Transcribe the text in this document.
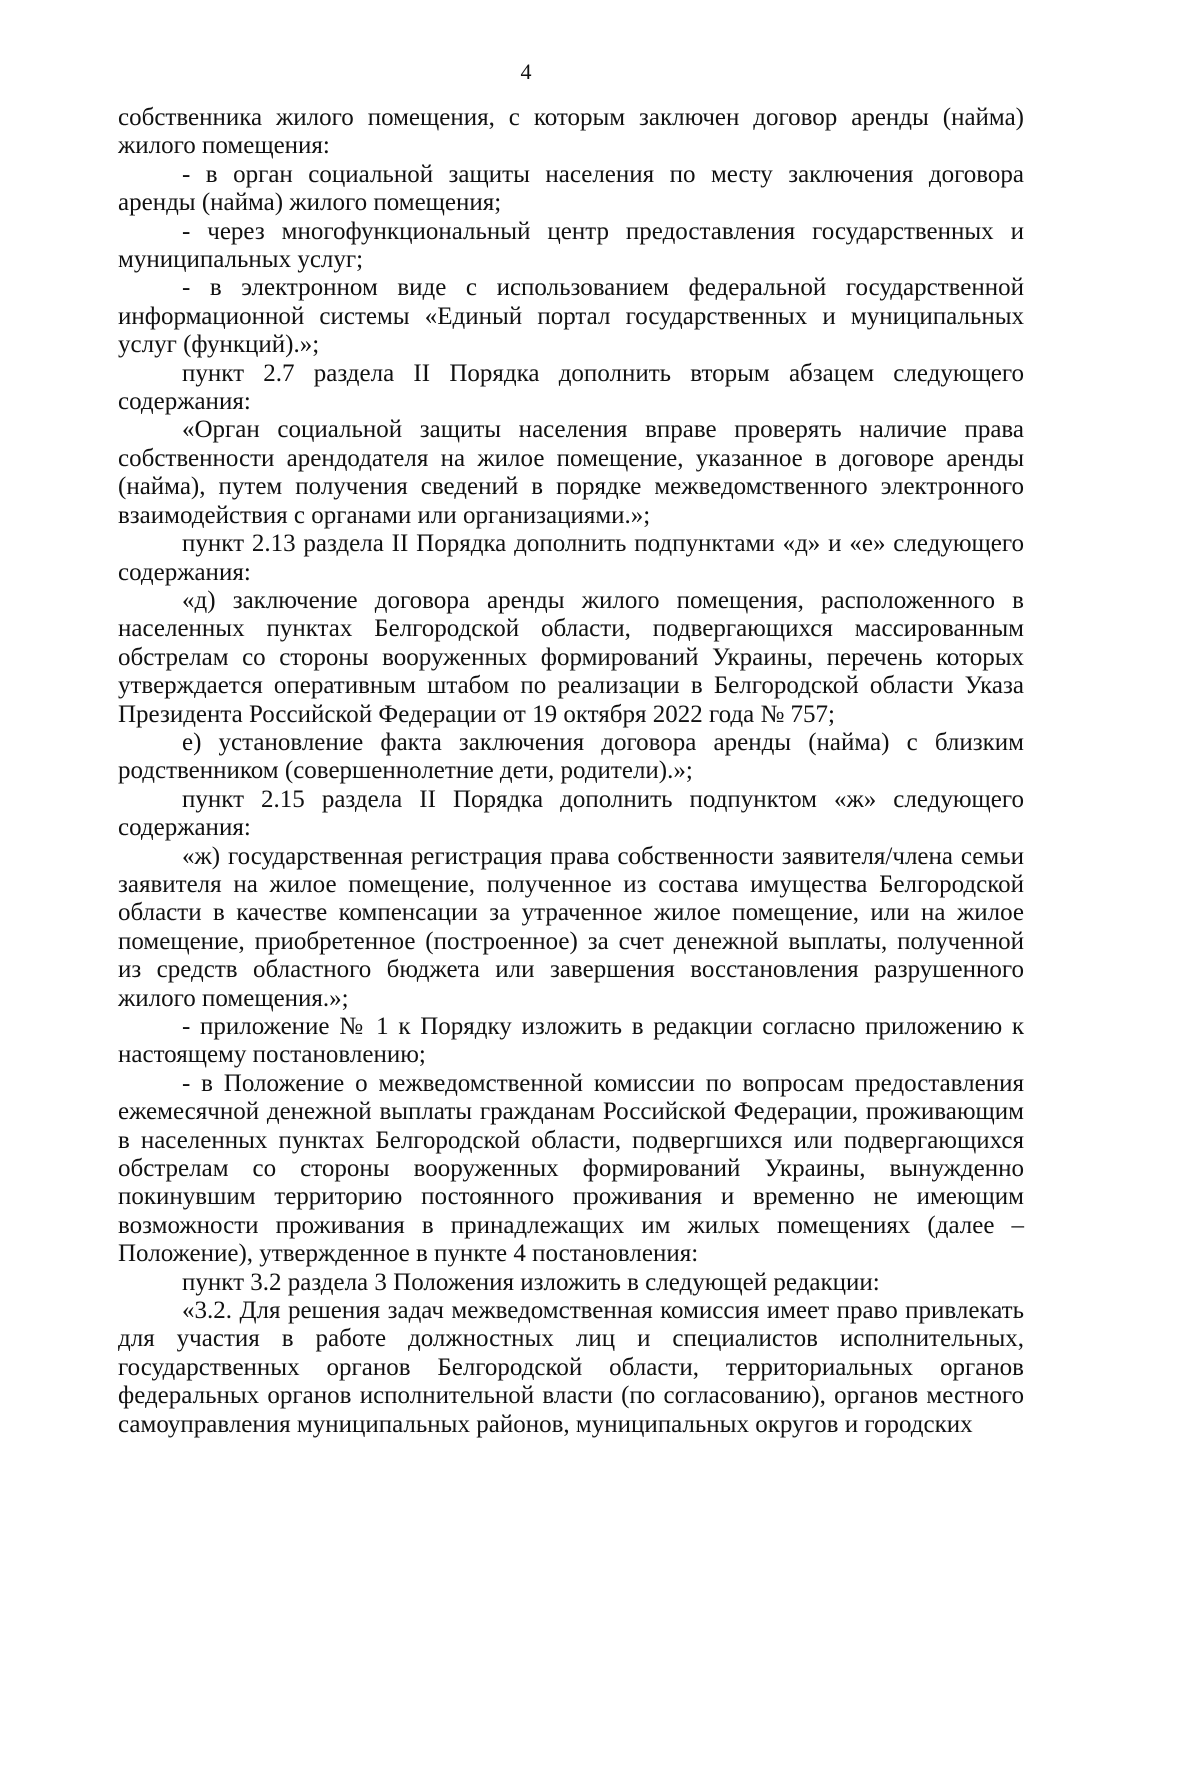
4

собственника жилого помещения, с которым заключен договор аренды (найма) жилого помещения:

- в орган социальной защиты населения по месту заключения договора аренды (найма) жилого помещения;

- через многофункциональный центр предоставления государственных и муниципальных услуг;

- в электронном виде с использованием федеральной государственной информационной системы «Единый портал государственных и муниципальных услуг (функций).»;

пункт 2.7 раздела II Порядка дополнить вторым абзацем следующего содержания:

«Орган социальной защиты населения вправе проверять наличие права собственности арендодателя на жилое помещение, указанное в договоре аренды (найма), путем получения сведений в порядке межведомственного электронного взаимодействия с органами или организациями.»;

пункт 2.13 раздела II Порядка дополнить подпунктами «д» и «е» следующего содержания:

«д) заключение договора аренды жилого помещения, расположенного в населенных пунктах Белгородской области, подвергающихся массированным обстрелам со стороны вооруженных формирований Украины, перечень которых утверждается оперативным штабом по реализации в Белгородской области Указа Президента Российской Федерации от 19 октября 2022 года № 757;

е) установление факта заключения договора аренды (найма) с близким родственником (совершеннолетние дети, родители).»;

пункт 2.15 раздела II Порядка дополнить подпунктом «ж» следующего содержания:

«ж) государственная регистрация права собственности заявителя/члена семьи заявителя на жилое помещение, полученное из состава имущества Белгородской области в качестве компенсации за утраченное жилое помещение, или на жилое помещение, приобретенное (построенное) за счет денежной выплаты, полученной из средств областного бюджета или завершения восстановления разрушенного жилого помещения.»;

- приложение № 1 к Порядку изложить в редакции согласно приложению к настоящему постановлению;

- в Положение о межведомственной комиссии по вопросам предоставления ежемесячной денежной выплаты гражданам Российской Федерации, проживающим в населенных пунктах Белгородской области, подвергшихся или подвергающихся обстрелам со стороны вооруженных формирований Украины, вынужденно покинувшим территорию постоянного проживания и временно не имеющим возможности проживания в принадлежащих им жилых помещениях (далее – Положение), утвержденное в пункте 4 постановления:

пункт 3.2 раздела 3 Положения изложить в следующей редакции:

«3.2. Для решения задач межведомственная комиссия имеет право привлекать для участия в работе должностных лиц и специалистов исполнительных, государственных органов Белгородской области, территориальных органов федеральных органов исполнительной власти (по согласованию), органов местного самоуправления муниципальных районов, муниципальных округов и городских
